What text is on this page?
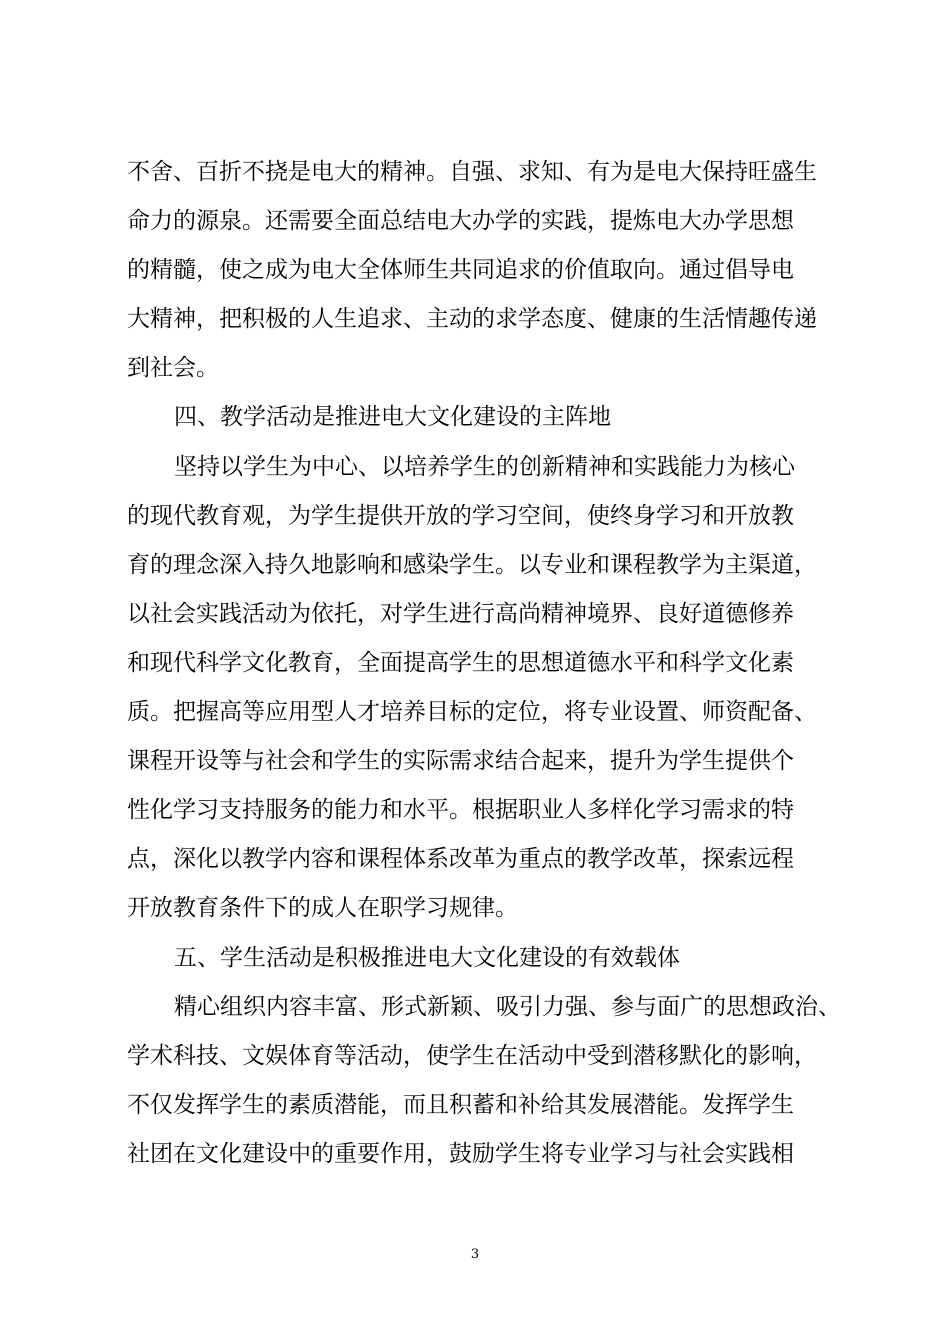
不舍、百折不挠是电大的精神。自强、求知、有为是电大保持旺盛生
命力的源泉。还需要全面总结电大办学的实践，提炼电大办学思想
的精髓，使之成为电大全体师生共同追求的价值取向。通过倡导电
大精神，把积极的人生追求、主动的求学态度、健康的生活情趣传递
到社会。
四、教学活动是推进电大文化建设的主阵地
坚持以学生为中心、以培养学生的创新精神和实践能力为核心
的现代教育观，为学生提供开放的学习空间，使终身学习和开放教
育的理念深入持久地影响和感染学生。以专业和课程教学为主渠道，
以社会实践活动为依托，对学生进行高尚精神境界、良好道德修养
和现代科学文化教育，全面提高学生的思想道德水平和科学文化素
质。把握高等应用型人才培养目标的定位，将专业设置、师资配备、
课程开设等与社会和学生的实际需求结合起来，提升为学生提供个
性化学习支持服务的能力和水平。根据职业人多样化学习需求的特
点，深化以教学内容和课程体系改革为重点的教学改革，探索远程
开放教育条件下的成人在职学习规律。
五、学生活动是积极推进电大文化建设的有效载体
精心组织内容丰富、形式新颖、吸引力强、参与面广的思想政治、
学术科技、文娱体育等活动，使学生在活动中受到潜移默化的影响，
不仅发挥学生的素质潜能，而且积蓄和补给其发展潜能。发挥学生
社团在文化建设中的重要作用，鼓励学生将专业学习与社会实践相
3
